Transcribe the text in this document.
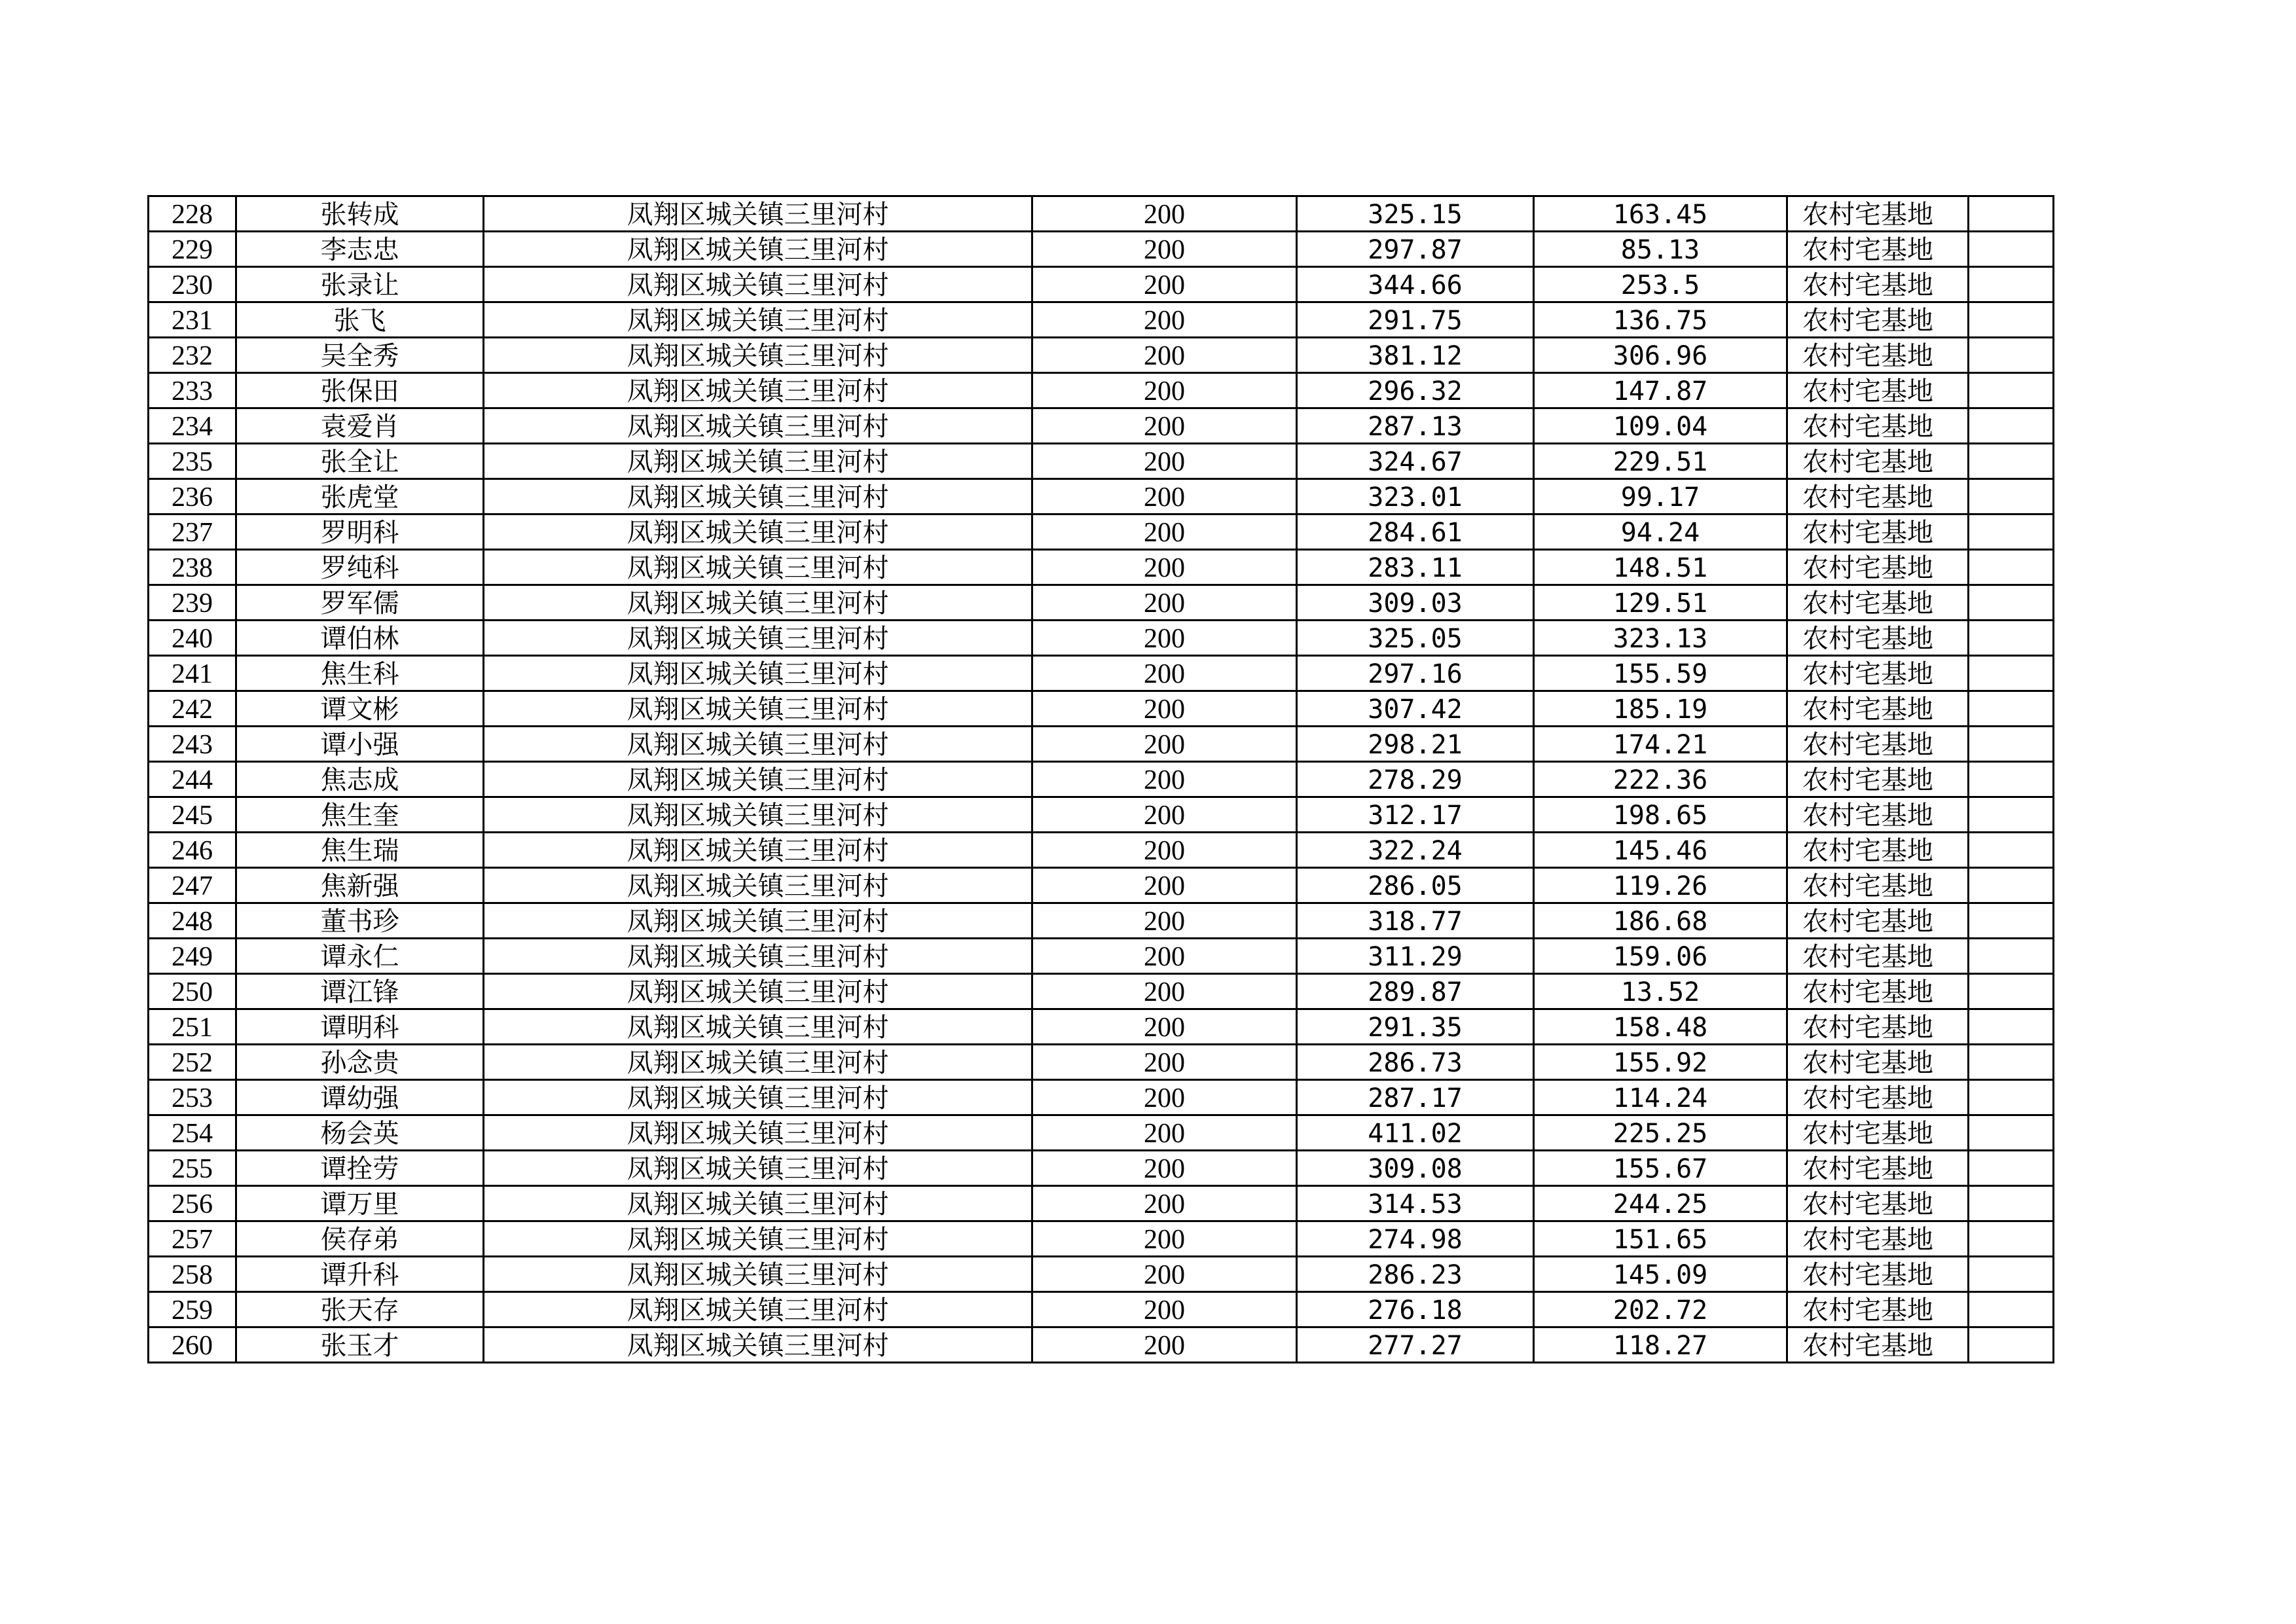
228	张转成	凤翔区城关镇三里河村	200	325.15	163.45	农村宅基地	
229	李志忠	凤翔区城关镇三里河村	200	297.87	85.13	农村宅基地	
230	张录让	凤翔区城关镇三里河村	200	344.66	253.5	农村宅基地	
231	张飞	凤翔区城关镇三里河村	200	291.75	136.75	农村宅基地	
232	吴全秀	凤翔区城关镇三里河村	200	381.12	306.96	农村宅基地	
233	张保田	凤翔区城关镇三里河村	200	296.32	147.87	农村宅基地	
234	袁爱肖	凤翔区城关镇三里河村	200	287.13	109.04	农村宅基地	
235	张全让	凤翔区城关镇三里河村	200	324.67	229.51	农村宅基地	
236	张虎堂	凤翔区城关镇三里河村	200	323.01	99.17	农村宅基地	
237	罗明科	凤翔区城关镇三里河村	200	284.61	94.24	农村宅基地	
238	罗纯科	凤翔区城关镇三里河村	200	283.11	148.51	农村宅基地	
239	罗军儒	凤翔区城关镇三里河村	200	309.03	129.51	农村宅基地	
240	谭伯林	凤翔区城关镇三里河村	200	325.05	323.13	农村宅基地	
241	焦生科	凤翔区城关镇三里河村	200	297.16	155.59	农村宅基地	
242	谭文彬	凤翔区城关镇三里河村	200	307.42	185.19	农村宅基地	
243	谭小强	凤翔区城关镇三里河村	200	298.21	174.21	农村宅基地	
244	焦志成	凤翔区城关镇三里河村	200	278.29	222.36	农村宅基地	
245	焦生奎	凤翔区城关镇三里河村	200	312.17	198.65	农村宅基地	
246	焦生瑞	凤翔区城关镇三里河村	200	322.24	145.46	农村宅基地	
247	焦新强	凤翔区城关镇三里河村	200	286.05	119.26	农村宅基地	
248	董书珍	凤翔区城关镇三里河村	200	318.77	186.68	农村宅基地	
249	谭永仁	凤翔区城关镇三里河村	200	311.29	159.06	农村宅基地	
250	谭江锋	凤翔区城关镇三里河村	200	289.87	13.52	农村宅基地	
251	谭明科	凤翔区城关镇三里河村	200	291.35	158.48	农村宅基地	
252	孙念贵	凤翔区城关镇三里河村	200	286.73	155.92	农村宅基地	
253	谭幼强	凤翔区城关镇三里河村	200	287.17	114.24	农村宅基地	
254	杨会英	凤翔区城关镇三里河村	200	411.02	225.25	农村宅基地	
255	谭拴劳	凤翔区城关镇三里河村	200	309.08	155.67	农村宅基地	
256	谭万里	凤翔区城关镇三里河村	200	314.53	244.25	农村宅基地	
257	侯存弟	凤翔区城关镇三里河村	200	274.98	151.65	农村宅基地	
258	谭升科	凤翔区城关镇三里河村	200	286.23	145.09	农村宅基地	
259	张天存	凤翔区城关镇三里河村	200	276.18	202.72	农村宅基地	
260	张玉才	凤翔区城关镇三里河村	200	277.27	118.27	农村宅基地	
